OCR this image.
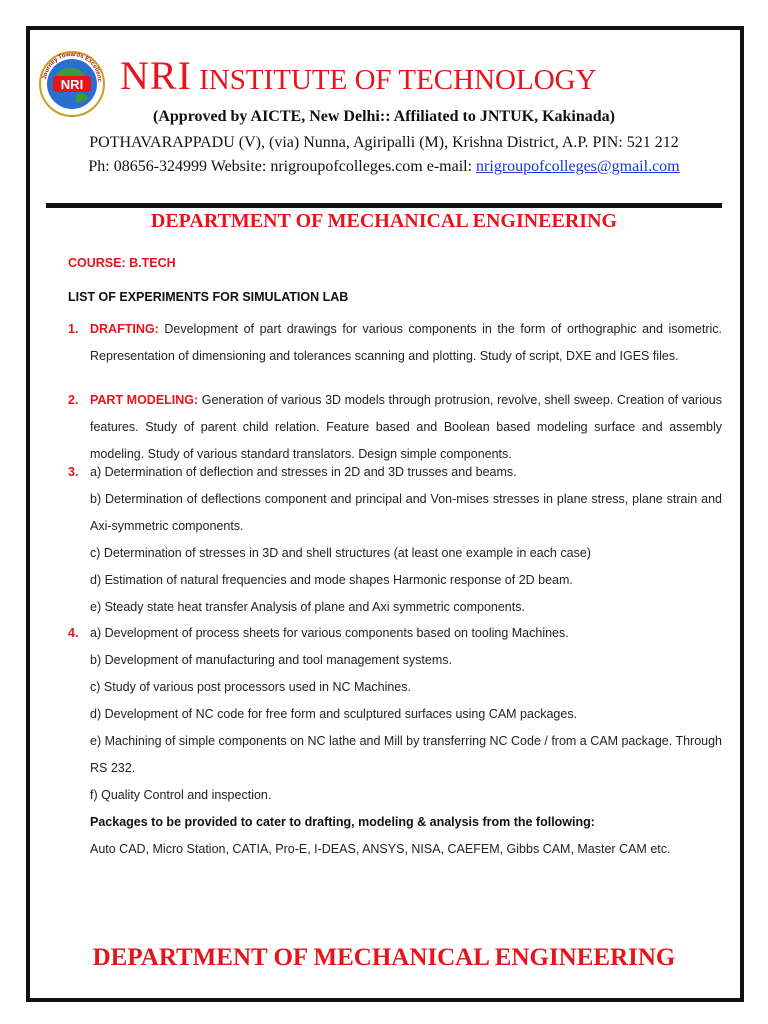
NRI
Journey Towards Excellenc NRI INSTITUTE OF TECHNOLOGY
(Approved by AICTE, New Delhi:: Affiliated to JNTUK, Kakinada)
POTHAVARAPPADU (V), (via) Nunna, Agiripalli (M), Krishna District, A.P. PIN: 521 212
Ph: 08656-324999 Website: nrigroupofcolleges.com e-mail: nrigroupofcolleges@gmail.com
DEPARTMENT OF MECHANICAL ENGINEERING
COURSE: B.TECH
LIST OF EXPERIMENTS FOR SIMULATION LAB

1. DRAFTING: Development of part drawings for various components in the form of orthographic and isometric. Representation of dimensioning and tolerances scanning and plotting. Study of script, DXE and IGES files.

2. PART MODELING: Generation of various 3D models through protrusion, revolve, shell sweep. Creation of various features. Study of parent child relation. Feature based and Boolean based modeling surface and assembly modeling. Study of various standard translators. Design simple components.

3. a) Determination of deflection and stresses in 2D and 3D trusses and beams.

b) Determination of deflections component and principal and Von-mises stresses in plane stress, plane strain and Axi-symmetric components.

c) Determination of stresses in 3D and shell structures (at least one example in each case)

d) Estimation of natural frequencies and mode shapes Harmonic response of 2D beam.

e) Steady state heat transfer Analysis of plane and Axi symmetric components.

4. a) Development of process sheets for various components based on tooling Machines.

b) Development of manufacturing and tool management systems.

c) Study of various post processors used in NC Machines.

d) Development of NC code for free form and sculptured surfaces using CAM packages.

e) Machining of simple components on NC lathe and Mill by transferring NC Code / from a CAM package. Through RS 232.

f) Quality Control and inspection.

Packages to be provided to cater to drafting, modeling & analysis from the following:

Auto CAD, Micro Station, CATIA, Pro-E, I-DEAS, ANSYS, NISA, CAEFEM, Gibbs CAM, Master CAM etc.

DEPARTMENT OF MECHANICAL ENGINEERING
